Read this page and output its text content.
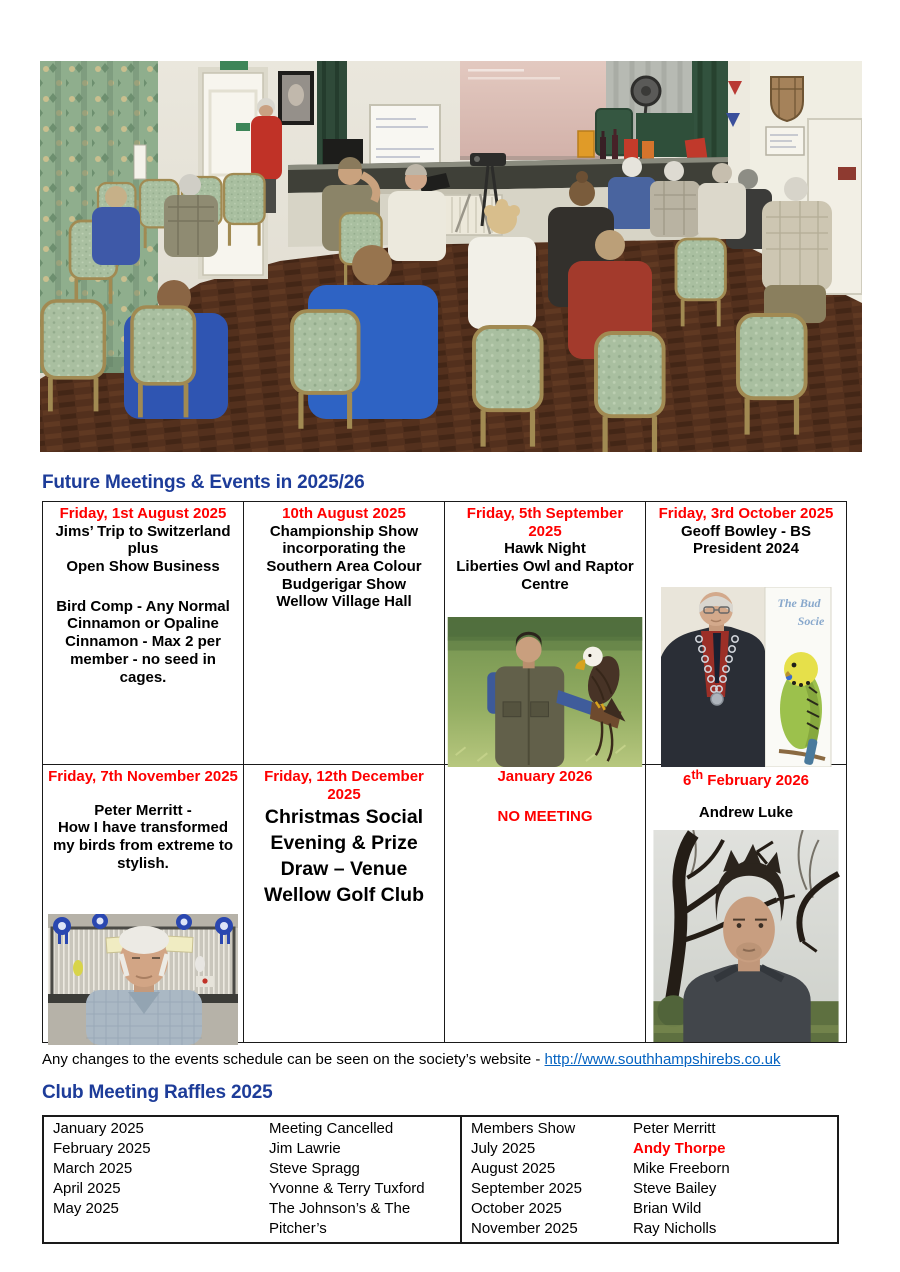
Future Meetings & Events in 2025/26
Friday, 1st August 2025
Jims’ Trip to Switzerland
plus
Open Show Business
Bird Comp - Any Normal Cinnamon or Opaline Cinnamon - Max 2 per member - no seed in cages.

10th August 2025
Championship Show incorporating the Southern Area Colour Budgerigar Show
Wellow Village Hall

Friday, 5th September 2025
Hawk Night
Liberties Owl and Raptor Centre

Friday, 3rd October 2025
Geoff Bowley - BS President 2024
The Bud
Socie

Friday, 7th November 2025
Peter Merritt -
How I have transformed my birds from extreme to stylish.

Friday, 12th December 2025
Christmas Social Evening & Prize Draw – Venue Wellow Golf Club

January 2026
NO MEETING

6th February 2026
Andrew Luke
Any changes to the events schedule can be seen on the society’s website - http://www.southhampshirebs.co.uk
Club Meeting Raffles 2025
January 2025	Meeting Cancelled
February 2025	Jim Lawrie
March 2025	Steve Spragg
April 2025	Yvonne & Terry Tuxford
May 2025	The Johnson’s & The Pitcher’s
Members Show	Peter Merritt
July 2025	Andy Thorpe
August 2025	Mike Freeborn
September 2025	Steve Bailey
October 2025	Brian Wild
November 2025	Ray Nicholls
